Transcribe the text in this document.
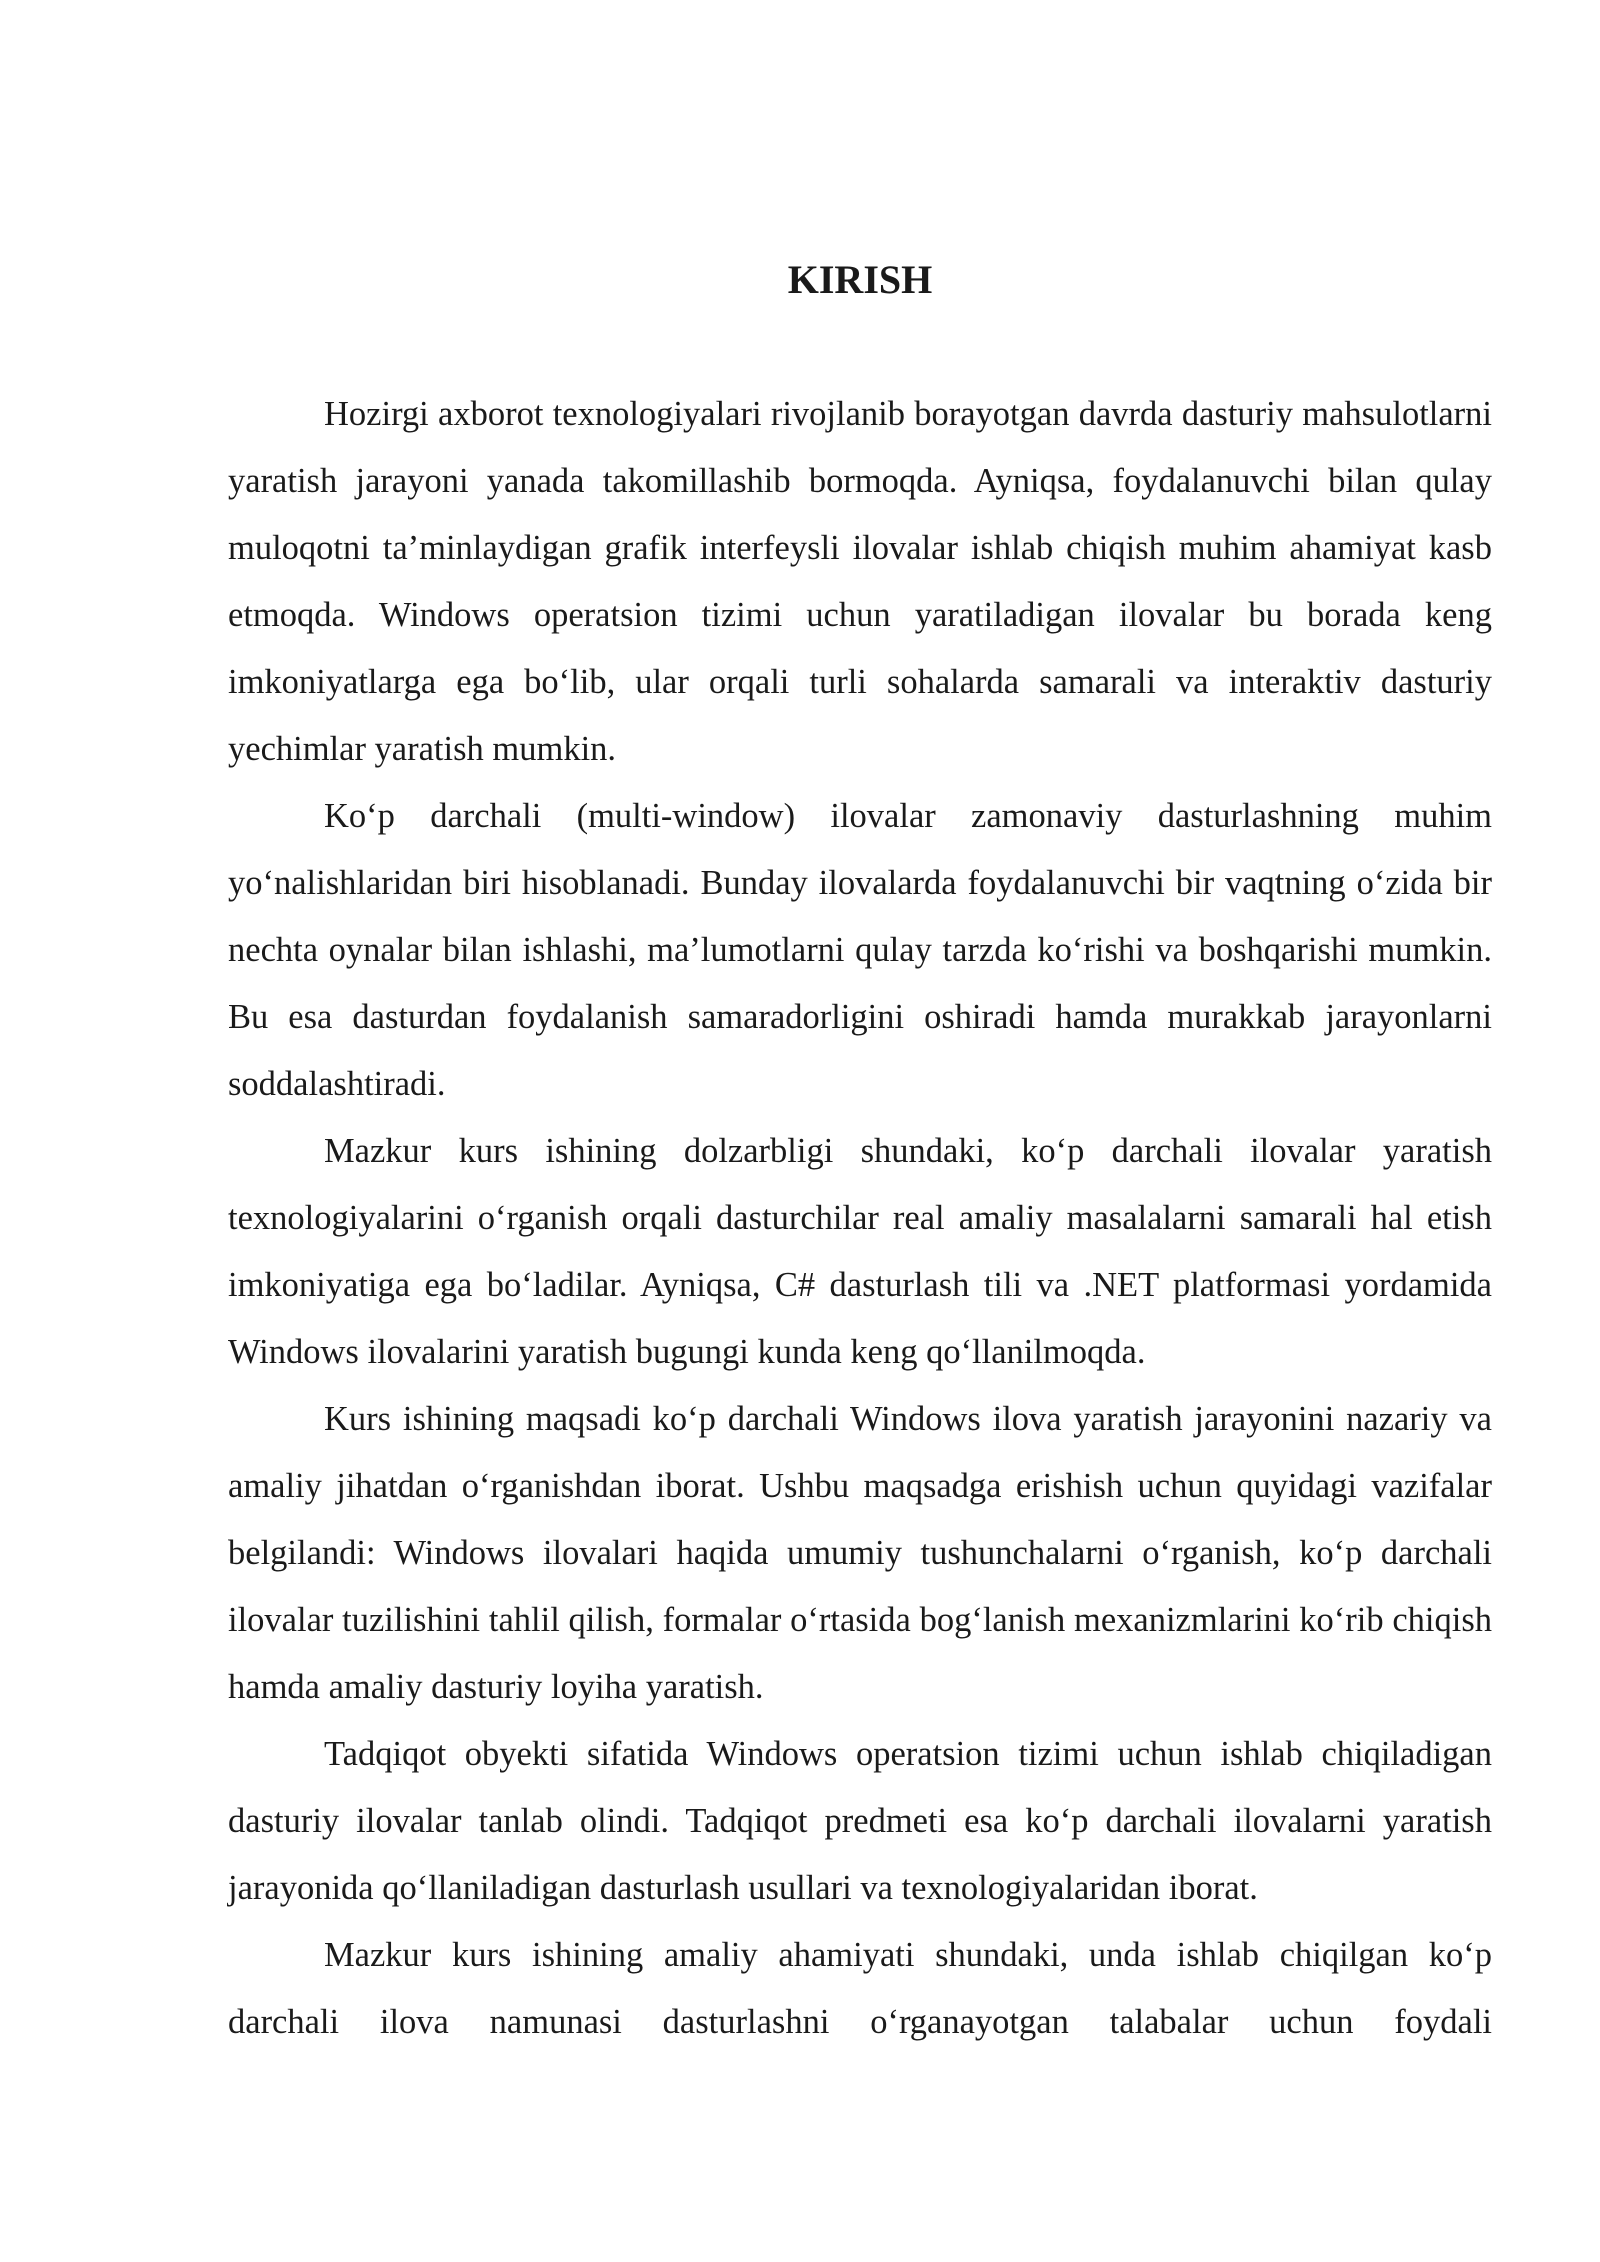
KIRISH

Hozirgi axborot texnologiyalari rivojlanib borayotgan davrda dasturiy mahsulotlarni yaratish jarayoni yanada takomillashib bormoqda. Ayniqsa, foydalanuvchi bilan qulay muloqotni ta’minlaydigan grafik interfeysli ilovalar ishlab chiqish muhim ahamiyat kasb etmoqda. Windows operatsion tizimi uchun yaratiladigan ilovalar bu borada keng imkoniyatlarga ega bo‘lib, ular orqali turli sohalarda samarali va interaktiv dasturiy yechimlar yaratish mumkin.

Ko‘p darchali (multi-window) ilovalar zamonaviy dasturlashning muhim yo‘nalishlaridan biri hisoblanadi. Bunday ilovalarda foydalanuvchi bir vaqtning o‘zida bir nechta oynalar bilan ishlashi, ma’lumotlarni qulay tarzda ko‘rishi va boshqarishi mumkin. Bu esa dasturdan foydalanish samaradorligini oshiradi hamda murakkab jarayonlarni soddalashtiradi.

Mazkur kurs ishining dolzarbligi shundaki, ko‘p darchali ilovalar yaratish texnologiyalarini o‘rganish orqali dasturchilar real amaliy masalalarni samarali hal etish imkoniyatiga ega bo‘ladilar. Ayniqsa, C# dasturlash tili va .NET platformasi yordamida Windows ilovalarini yaratish bugungi kunda keng qo‘llanilmoqda.

Kurs ishining maqsadi ko‘p darchali Windows ilova yaratish jarayonini nazariy va amaliy jihatdan o‘rganishdan iborat. Ushbu maqsadga erishish uchun quyidagi vazifalar belgilandi: Windows ilovalari haqida umumiy tushunchalarni o‘rganish, ko‘p darchali ilovalar tuzilishini tahlil qilish, formalar o‘rtasida bog‘lanish mexanizmlarini ko‘rib chiqish hamda amaliy dasturiy loyiha yaratish.

Tadqiqot obyekti sifatida Windows operatsion tizimi uchun ishlab chiqiladigan dasturiy ilovalar tanlab olindi. Tadqiqot predmeti esa ko‘p darchali ilovalarni yaratish jarayonida qo‘llaniladigan dasturlash usullari va texnologiyalaridan iborat.

Mazkur kurs ishining amaliy ahamiyati shundaki, unda ishlab chiqilgan ko‘p darchali ilova namunasi dasturlashni o‘rganayotgan talabalar uchun foydali
